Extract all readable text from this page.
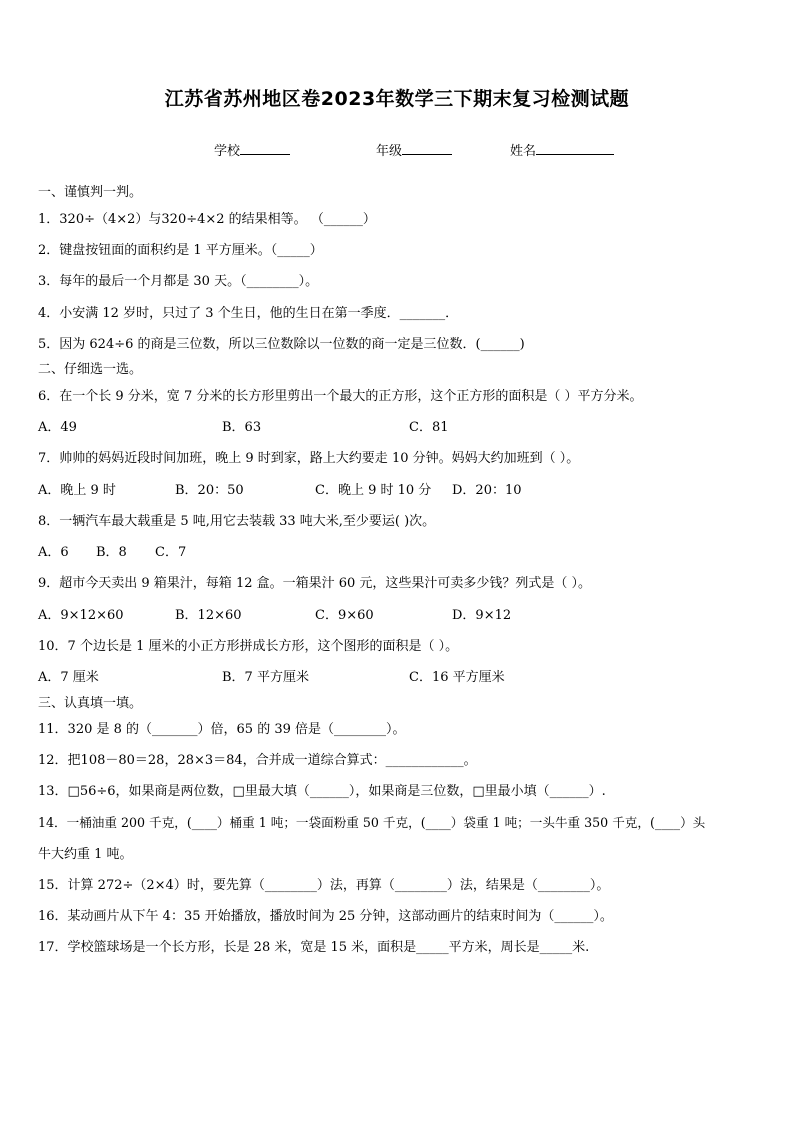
江苏省苏州地区卷2023年数学三下期末复习检测试题
学校	年级	姓名
一、谨慎判一判。
1．320÷（4×2）与320÷4×2 的结果相等。 （______）
2．键盘按钮面的面积约是 1 平方厘米。（_____）
3．每年的最后一个月都是 30 天。（________）。
4．小安满 12 岁时，只过了 3 个生日，他的生日在第一季度．_______．
5．因为 624÷6 的商是三位数，所以三位数除以一位数的商一定是三位数．(______)
二、仔细选一选。
6．在一个长 9 分米，宽 7 分米的长方形里剪出一个最大的正方形，这个正方形的面积是（ ）平方分米。
A．49	B．63	C．81
7．帅帅的妈妈近段时间加班，晚上 9 时到家，路上大约要走 10 分钟。妈妈大约加班到（ ）。
A．晚上 9 时	B．20：50	C．晚上 9 时 10 分 D．20：10
8．一辆汽车最大载重是 5 吨,用它去装载 33 吨大米,至少要运( )次。
A．6 B．8 C．7
9．超市今天卖出 9 箱果汁，每箱 12 盒。一箱果汁 60 元，这些果汁可卖多少钱？列式是（ ）。
A．9×12×60	B．12×60	C．9×60	D．9×12
10．7 个边长是 1 厘米的小正方形拼成长方形，这个图形的面积是（ ）。
A．7 厘米	B．7 平方厘米	C．16 平方厘米
三、认真填一填。
11．320 是 8 的（_______）倍，65 的 39 倍是（________）。
12．把108－80＝28，28×3＝84，合并成一道综合算式：____________。
13．□56÷6，如果商是两位数，□里最大填（______），如果商是三位数，□里最小填（______）.
14．一桶油重 200 千克，(____）桶重 1 吨；一袋面粉重 50 千克，(____）袋重 1 吨；一头牛重 350 千克，(____）头
牛大约重 1 吨。
15．计算 272÷（2×4）时，要先算（________）法，再算（________）法，结果是（________）。
16．某动画片从下午 4：35 开始播放，播放时间为 25 分钟，这部动画片的结束时间为（______）。
17．学校篮球场是一个长方形，长是 28 米，宽是 15 米，面积是_____平方米，周长是_____米.
